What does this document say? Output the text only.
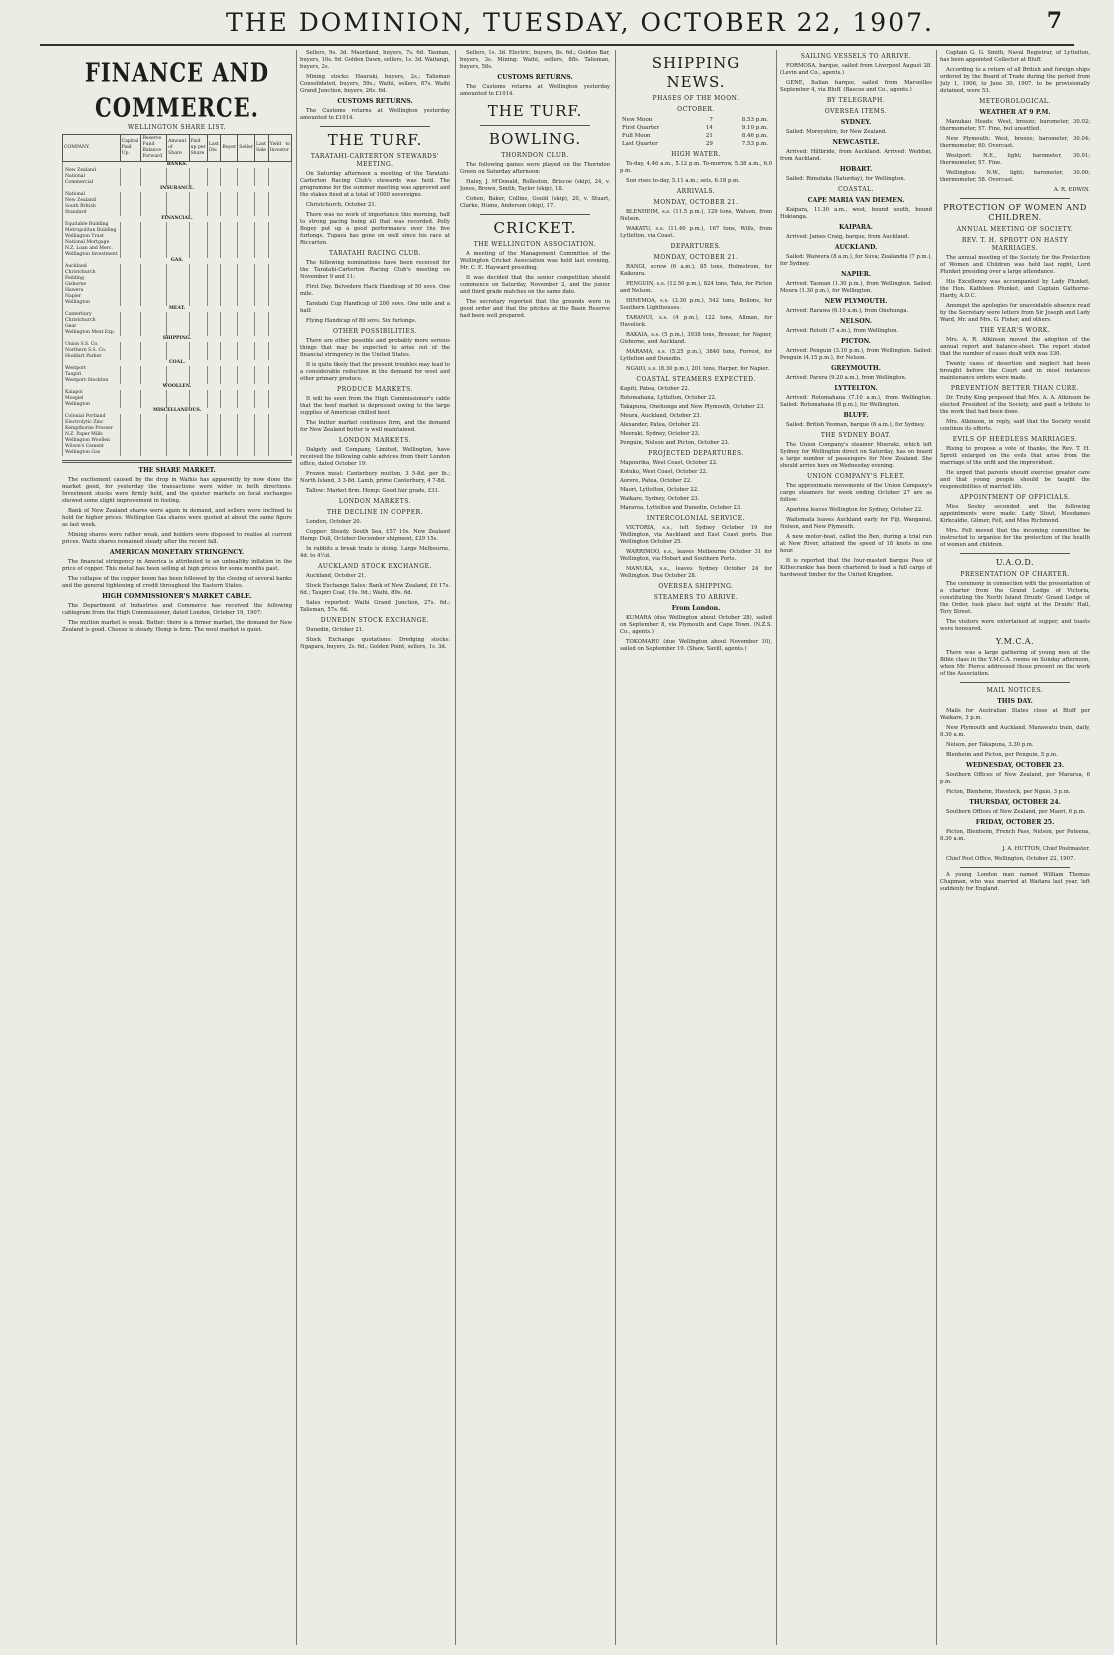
THE DOMINION, TUESDAY, OCTOBER 22, 1907.	7
FINANCE AND COMMERCE.
WELLINGTON SHARE LIST.
COMPANY.	Capital Paid Up.	Reserve Fund Balance Forward	Amount of Share	Paid up per Share	Last Div.	Buyer	Seller	Last Sale	Yield to Investor
BANKS.									
New Zealand									
National									
Commercial									
INSURANCE.									
National									
New Zealand									
South British									
Standard									
FINANCIAL.									
Equitable Building									
Metropolitan Building									
Wellington Trust									
National Mortgage									
N.Z. Loan and Merc.									
Wellington Investment									
GAS.									
Auckland									
Christchurch									
Feilding									
Gisborne									
Hawera									
Napier									
Wellington									
MEAT.									
Canterbury									
Christchurch									
Gear									
Wellington Meat Exp.									
SHIPPING.									
Union S.S. Co.									
Northern S.S. Co.									
Huddart Parker									
COAL.									
Westport									
Taupiri									
Westport-Stockton									
WOOLLEN.									
Kaiapoi									
Mosgiel									
Wellington									
MISCELLANEOUS.									
Colonial Portland									
Electrolytic Zinc									
Kempthorne Prosser									
N.Z. Paper Mills									
Wellington Woollen									
Wilson's Cement									
Wellington Gas									
THE SHARE MARKET.

The excitement caused by the drop in Waihis has apparently by now done the market good, for yesterday the transactions were wider in both directions. Investment stocks were firmly held, and the quieter markets on local exchanges showed some slight improvement in feeling.

Bank of New Zealand shares were again in demand, and sellers were inclined to hold for higher prices. Wellington Gas shares were quoted at about the same figure as last week.

Mining shares were rather weak, and holders were disposed to realise at current prices. Waihi shares remained steady after the recent fall.

AMERICAN MONETARY STRINGENCY.

The financial stringency in America is attributed to an unhealthy inflation in the price of copper. This metal has been selling at high prices for some months past.

The collapse of the copper boom has been followed by the closing of several banks and the general tightening of credit throughout the Eastern States.

HIGH COMMISSIONER'S MARKET CABLE.

The Department of Industries and Commerce has received the following cablegram from the High Commissioner, dated London, October 19, 1907:

The mutton market is weak. Butter: there is a firmer market, the demand for New Zealand is good. Cheese is steady. Hemp is firm. The wool market is quiet.

Sellers, 9s. 3d. Maoriland, buyers, 7s. 6d. Tasman, buyers, 10s. 9d. Golden Dawn, sellers, 1s. 3d. Waitangi, buyers, 2s.

Mining stocks: Hauraki, buyers, 2s.; Talisman Consolidated, buyers, 59s.; Waihi, sellers, 87s. Waihi Grand Junction, buyers, 26s. 6d.

CUSTOMS RETURNS.

The Customs returns at Wellington yesterday amounted to £1014.

THE TURF.
TARATAHI-CARTERTON STEWARDS' MEETING.

On Saturday afternoon a meeting of the Taratahi-Carterton Racing Club's stewards was held. The programme for the summer meeting was approved and the stakes fixed at a total of 1000 sovereigns.

Christchurch, October 21.

There was no work of importance this morning, half to strong pacing being all that was recorded. Polly Bogey put up a good performance over the five furlongs. Tupara has gone on well since his race at Riccarton.

TARATAHI RACING CLUB.

The following nominations have been received for the Taratahi-Carterton Racing Club's meeting on November 9 and 11:

First Day. Belvedere Hack Handicap of 50 sovs. One mile.

Taratahi Cup Handicap of 200 sovs. One mile and a half.

Flying Handicap of 80 sovs. Six furlongs.

OTHER POSSIBILITIES.

There are other possible and probably more serious things that may be expected to arise out of the financial stringency in the United States.

It is quite likely that the present troubles may lead to a considerable reduction in the demand for wool and other primary produce.

PRODUCE MARKETS.

It will be seen from the High Commissioner's cable that the beef market is depressed owing to the large supplies of American chilled beef.

The butter market continues firm, and the demand for New Zealand butter is well maintained.

LONDON MARKETS.

Dalgety and Company, Limited, Wellington, have received the following cable advices from their London office, dated October 19:

Frozen meat: Canterbury mutton, 3 5-8d. per lb.; North Island, 3 3-8d. Lamb, prime Canterbury, 4 7-8d.

Tallow: Market firm. Hemp: Good fair grade, £31.

LONDON MARKETS.
THE DECLINE IN COPPER.

London, October 20.

Copper: Steady. South Sea, £57 10s. New Zealand Hemp: Dull, October-December shipment, £29 15s.

In rabbits a break trade is doing. Large Melbourne, 4d. to 4½d.

AUCKLAND STOCK EXCHANGE.

Auckland, October 21.

Stock Exchange Sales: Bank of New Zealand, £6 17s. 6d.; Taupiri Coal, 19s. 9d.; Waihi, 89s. 6d.

Sales reported: Waihi Grand Junction, 27s. 6d.; Talisman, 57s. 6d.

DUNEDIN STOCK EXCHANGE.

Dunedin, October 21.

Stock Exchange quotations: Dredging stocks: Ngapara, buyers, 2s. 6d.; Golden Point, sellers, 1s. 3d.

Sellers, 1s. 3d. Electric, buyers, 8s. 6d.; Golden Bar, buyers, 3s. Mining: Waihi, sellers, 88s. Talisman, buyers, 58s.

CUSTOMS RETURNS.

The Customs returns at Wellington yesterday amounted to £1014.

THE TURF.
BOWLING.
THORNDON CLUB.

The following games were played on the Thorndon Green on Saturday afternoon:

Haley, J. M'Donald, Rolleston, Briscoe (skip), 24, v. Jones, Brown, Smith, Taylor (skip), 18.

Cohen, Baker, Collins, Gould (skip), 20, v. Stuart, Clarke, Hume, Anderson (skip), 17.

CRICKET.
THE WELLINGTON ASSOCIATION.

A meeting of the Management Committee of the Wellington Cricket Association was held last evening, Mr. C. E. Hayward presiding.

It was decided that the senior competition should commence on Saturday, November 2, and the junior and third grade matches on the same date.

The secretary reported that the grounds were in good order and that the pitches at the Basin Reserve had been well prepared.

SHIPPING NEWS.
PHASES OF THE MOON.
OCTOBER.
New Moon	7	8.53 p.m.
First Quarter	14	9.10 p.m.
Full Moon	21	8.46 p.m.
Last Quarter	29	7.53 p.m.
HIGH WATER.

To-day, 4.46 a.m., 5.12 p.m. To-morrow, 5.38 a.m., 6.0 p.m.

Sun rises to-day, 5.11 a.m.; sets, 6.18 p.m.

ARRIVALS.
MONDAY, OCTOBER 21.

BLENHEIM, s.s. (11.5 p.m.), 129 tons, Watson, from Nelson.

WAKATU, s.s. (11.40 p.m.), 167 tons, Wills, from Lyttelton, via Coast.

DEPARTURES.
MONDAY, OCTOBER 21.

RANGI, screw (6 a.m.), 85 tons, Holmstrom, for Kaikoura.

PENGUIN, s.s. (12.50 p.m.), 824 tons, Tate, for Picton and Nelson.

HINEMOA, s.s. (3.30 p.m.), 542 tons, Bollons, for Southern Lighthouses.

TARANUI, s.s. (4 p.m.), 122 tons, Allman, for Havelock.

RAKAIA, s.s. (5 p.m.), 3938 tons, Breezer, for Napier, Gisborne, and Auckland.

MARAMA, s.s. (5.25 p.m.), 3840 tons, Forrest, for Lyttelton and Dunedin.

NGAIO, s.s. (8.30 p.m.), 201 tons, Harper, for Napier.

COASTAL STEAMERS EXPECTED.
Kapiti, Patea, October 22.
Rotomahana, Lyttelton, October 22.
Takapuna, Onehunga and New Plymouth, October 23.
Moura, Auckland, October 23.
Alexander, Patea, October 23.
Moeraki, Sydney, October 23.
Penguin, Nelson and Picton, October 23.
PROJECTED DEPARTURES.
Mapourika, West Coast, October 22.
Kotuku, West Coast, October 22.
Aorere, Patea, October 22.
Maori, Lyttelton, October 22.
Waikare, Sydney, October 23.
Mararoa, Lyttelton and Dunedin, October 23.
INTERCOLONIAL SERVICE.

VICTORIA, s.s., left Sydney October 19 for Wellington, via Auckland and East Coast ports. Due Wellington October 25.

WARRIMOO, s.s., leaves Melbourne October 31 for Wellington, via Hobart and Southern Ports.

MANUKA, s.s., leaves Sydney October 24 for Wellington. Due October 28.

OVERSEA SHIPPING.
STEAMERS TO ARRIVE.
From London.

KUMARA (due Wellington about October 28), sailed on September 8, via Plymouth and Cape Town. (N.Z.S. Co., agents.)

TOKOMARU (due Wellington about November 10), sailed on September 19. (Shaw, Savill, agents.)

SAILING VESSELS TO ARRIVE.

FORMOSA, barque, sailed from Liverpool August 28. (Levin and Co., agents.)

GENE, Italian barque, sailed from Marseilles September 4, via Bluff. (Bascoe and Co., agents.)

BY TELEGRAPH.
OVERSEA ITEMS.
SYDNEY.

Sailed: Moreyshire, for New Zealand.

NEWCASTLE.

Arrived: Hillbride, from Auckland. Arrived: Weddon, from Auckland.

HOBART.

Sailed: Rimutaka (Saturday), for Wellington.

COASTAL.
CAPE MARIA VAN DIEMEN.

Kaipara, 11.30 a.m., west, bound south, bound Hokianga.

KAIPARA.

Arrived: James Craig, barque, from Auckland.

AUCKLAND.

Sailed: Waiwera (8 a.m.), for Suva; Zealandia (7 p.m.), for Sydney.

NAPIER.

Arrived: Tasman (1.30 p.m.), from Wellington. Sailed: Moura (1.30 p.m.), for Wellington.

NEW PLYMOUTH.

Arrived: Rarawa (6.10 a.m.), from Onehunga.

NELSON.

Arrived: Rotoiti (7 a.m.), from Wellington.

PICTON.

Arrived: Penguin (3.10 p.m.), from Wellington. Sailed: Penguin (4.15 p.m.), for Nelson.

GREYMOUTH.

Arrived: Parera (9.20 a.m.), from Wellington.

LYTTELTON.

Arrived: Rotomahana (7.10 a.m.), from Wellington. Sailed: Rotomahana (8 p.m.), for Wellington.

BLUFF.

Sailed: British Yeoman, barque (6 a.m.), for Sydney.

THE SYDNEY BOAT.

The Union Company's steamer Moeraki, which left Sydney for Wellington direct on Saturday, has on board a large number of passengers for New Zealand. She should arrive here on Wednesday evening.

UNION COMPANY'S FLEET.

The approximate movements of the Union Company's cargo steamers for week ending October 27 are as follow:

Aparima leaves Wellington for Sydney, October 22.

Waitemata leaves Auckland early for Fiji, Wanganui, Nelson, and New Plymouth.

A new motor-boat, called the Ben, during a trial run at New River, attained the speed of 18 knots in one hour.

It is reported that the four-masted barque Pass of Killiecrankie has been chartered to load a full cargo of hardwood timber for the United Kingdom.

Captain G. G. Smith, Naval Registrar, of Lyttelton, has been appointed Collector at Bluff.

According to a return of all British and foreign ships ordered by the Board of Trade during the period from July 1, 1906, to June 30, 1907, to be provisionally detained, were 53.

METEOROLOGICAL.
WEATHER AT 9 P.M.

Manukau Heads: West, breeze; barometer, 30.02; thermometer, 57. Fine, but unsettled.

New Plymouth: West, breeze; barometer, 30.04; thermometer, 60. Overcast.

Westport: N.E., light; barometer, 30.01; thermometer, 57. Fine.

Wellington: N.W., light; barometer, 30.00; thermometer, 58. Overcast.

A. R. EDWIN.

PROTECTION OF WOMEN AND CHILDREN.
ANNUAL MEETING OF SOCIETY.
REV. T. H. SPROTT ON HASTY MARRIAGES.

The annual meeting of the Society for the Protection of Women and Children was held last night, Lord Plunket presiding over a large attendance.

His Excellency was accompanied by Lady Plunket, the Hon. Kathleen Plunket, and Captain Gathorne-Hardy, A.D.C.

Amongst the apologies for unavoidable absence read by the Secretary were letters from Sir Joseph and Lady Ward, Mr. and Mrs. G. Fisher, and others.

THE YEAR'S WORK.

Mrs. A. R. Atkinson moved the adoption of the annual report and balance-sheet. The report stated that the number of cases dealt with was 330.

Twenty cases of desertion and neglect had been brought before the Court and in most instances maintenance orders were made.

PREVENTION BETTER THAN CURE.

Dr. Truby King proposed that Mrs. A. A. Atkinson be elected President of the Society, and paid a tribute to the work that had been done.

Mrs. Atkinson, in reply, said that the Society would continue its efforts.

EVILS OF HEEDLESS MARRIAGES.

Rising to propose a vote of thanks, the Rev. T. H. Sprott enlarged on the evils that arise from the marriage of the unfit and the improvident.

He urged that parents should exercise greater care and that young people should be taught the responsibilities of married life.

APPOINTMENT OF OFFICIALS.

Miss Seeley seconded and the following appointments were made: Lady Stout, Mesdames Kirkcaldie, Gilmer, Fell, and Miss Richmond.

Mrs. Fell moved that the incoming committee be instructed to organise for the protection of the health of women and children.

U.A.O.D.
PRESENTATION OF CHARTER.

The ceremony in connection with the presentation of a charter from the Grand Lodge of Victoria, constituting the North Island Druids' Grand Lodge of the Order, took place last night at the Druids' Hall, Tory Street.

The visitors were entertained at supper, and toasts were honoured.

Y.M.C.A.

There was a large gathering of young men at the Bible class in the Y.M.C.A. rooms on Sunday afternoon, when Mr. Pierce addressed those present on the work of the Association.

MAIL NOTICES.
THIS DAY.

Mails for Australian States close at Bluff per Waikare, 3 p.m.

New Plymouth and Auckland, Manawatu train, daily, 8.30 a.m.

Nelson, per Takapuna, 3.30 p.m.

Blenheim and Picton, per Penguin, 5 p.m.

WEDNESDAY, OCTOBER 23.

Southern Offices of New Zealand, per Mararoa, 6 p.m.

Picton, Blenheim, Havelock, per Ngaio, 3 p.m.

THURSDAY, OCTOBER 24.

Southern Offices of New Zealand, per Maori, 6 p.m.

FRIDAY, OCTOBER 25.

Picton, Blenheim, French Pass, Nelson, per Pateena, 8.30 a.m.

J. A. HUTTON, Chief Postmaster.

Chief Post Office, Wellington, October 22, 1907.

A young London man named William Thomas Chapman, who was married at Waitara last year, left suddenly for England.
